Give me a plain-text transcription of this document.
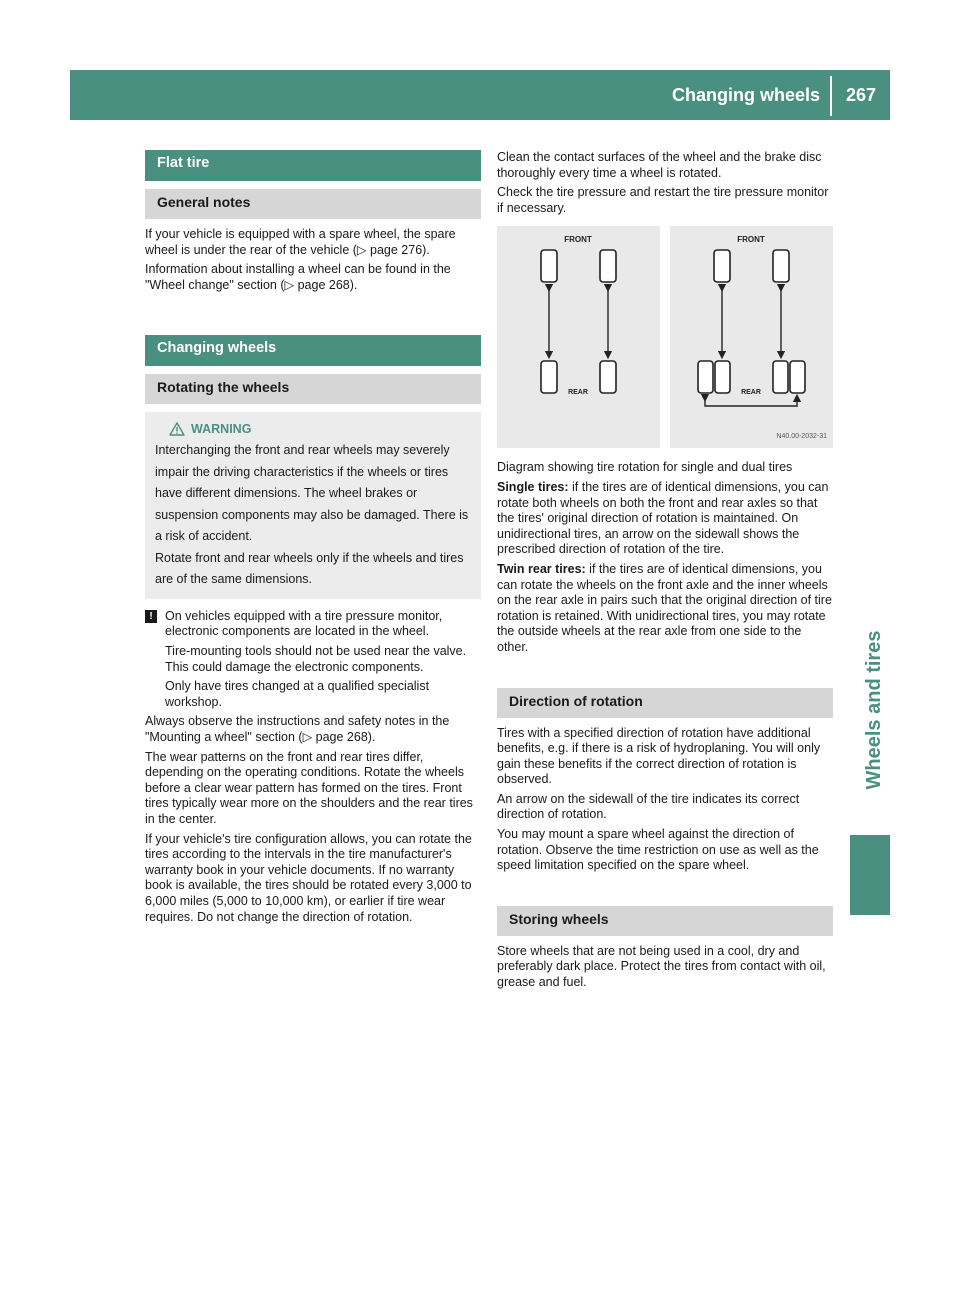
Changing wheels 267
Wheels and tires
Flat tire
General notes

If your vehicle is equipped with a spare wheel, the spare wheel is under the rear of the vehicle (▷ page 276).

Information about installing a wheel can be found in the "Wheel change" section (▷ page 268).

Changing wheels
Rotating the wheels
WARNING

Interchanging the front and rear wheels may severely impair the driving characteristics if the wheels or tires have different dimensions. The wheel brakes or suspension components may also be damaged. There is a risk of accident.

Rotate front and rear wheels only if the wheels and tires are of the same dimensions.

! On vehicles equipped with a tire pressure monitor, electronic components are located in the wheel.

Tire-mounting tools should not be used near the valve. This could damage the electronic components.

Only have tires changed at a qualified specialist workshop.

Always observe the instructions and safety notes in the "Mounting a wheel" section (▷ page 268).

The wear patterns on the front and rear tires differ, depending on the operating conditions. Rotate the wheels before a clear wear pattern has formed on the tires. Front tires typically wear more on the shoulders and the rear tires in the center.

If your vehicle's tire configuration allows, you can rotate the tires according to the intervals in the tire manufacturer's warranty book in your vehicle documents. If no warranty book is available, the tires should be rotated every 3,000 to 6,000 miles (5,000 to 10,000 km), or earlier if tire wear requires. Do not change the direction of rotation.

Clean the contact surfaces of the wheel and the brake disc thoroughly every time a wheel is rotated.

Check the tire pressure and restart the tire pressure monitor if necessary.

FRONT
REAR
FRONT
REAR
N40.00-2032-31

Diagram showing tire rotation for single and dual tires

Single tires: if the tires are of identical dimensions, you can rotate both wheels on both the front and rear axles so that the tires' original direction of rotation is maintained. On unidirectional tires, an arrow on the sidewall shows the prescribed direction of rotation of the tire.

Twin rear tires: if the tires are of identical dimensions, you can rotate the wheels on the front axle and the inner wheels on the rear axle in pairs such that the original direction of tire rotation is retained. With unidirectional tires, you may rotate the outside wheels at the rear axle from one side to the other.

Direction of rotation

Tires with a specified direction of rotation have additional benefits, e.g. if there is a risk of hydroplaning. You will only gain these benefits if the correct direction of rotation is observed.

An arrow on the sidewall of the tire indicates its correct direction of rotation.

You may mount a spare wheel against the direction of rotation. Observe the time restriction on use as well as the speed limitation specified on the spare wheel.

Storing wheels

Store wheels that are not being used in a cool, dry and preferably dark place. Protect the tires from contact with oil, grease and fuel.
